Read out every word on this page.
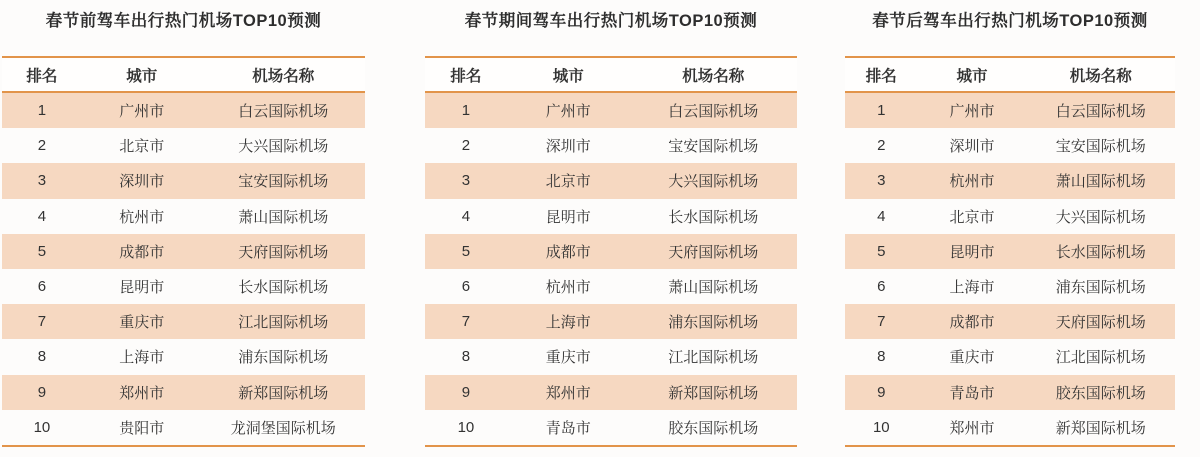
春节前驾车出行热门机场TOP10预测
排名	城市	机场名称
1	广州市	白云国际机场
2	北京市	大兴国际机场
3	深圳市	宝安国际机场
4	杭州市	萧山国际机场
5	成都市	天府国际机场
6	昆明市	长水国际机场
7	重庆市	江北国际机场
8	上海市	浦东国际机场
9	郑州市	新郑国际机场
10	贵阳市	龙洞堡国际机场
春节期间驾车出行热门机场TOP10预测
排名	城市	机场名称
1	广州市	白云国际机场
2	深圳市	宝安国际机场
3	北京市	大兴国际机场
4	昆明市	长水国际机场
5	成都市	天府国际机场
6	杭州市	萧山国际机场
7	上海市	浦东国际机场
8	重庆市	江北国际机场
9	郑州市	新郑国际机场
10	青岛市	胶东国际机场
春节后驾车出行热门机场TOP10预测
排名	城市	机场名称
1	广州市	白云国际机场
2	深圳市	宝安国际机场
3	杭州市	萧山国际机场
4	北京市	大兴国际机场
5	昆明市	长水国际机场
6	上海市	浦东国际机场
7	成都市	天府国际机场
8	重庆市	江北国际机场
9	青岛市	胶东国际机场
10	郑州市	新郑国际机场
